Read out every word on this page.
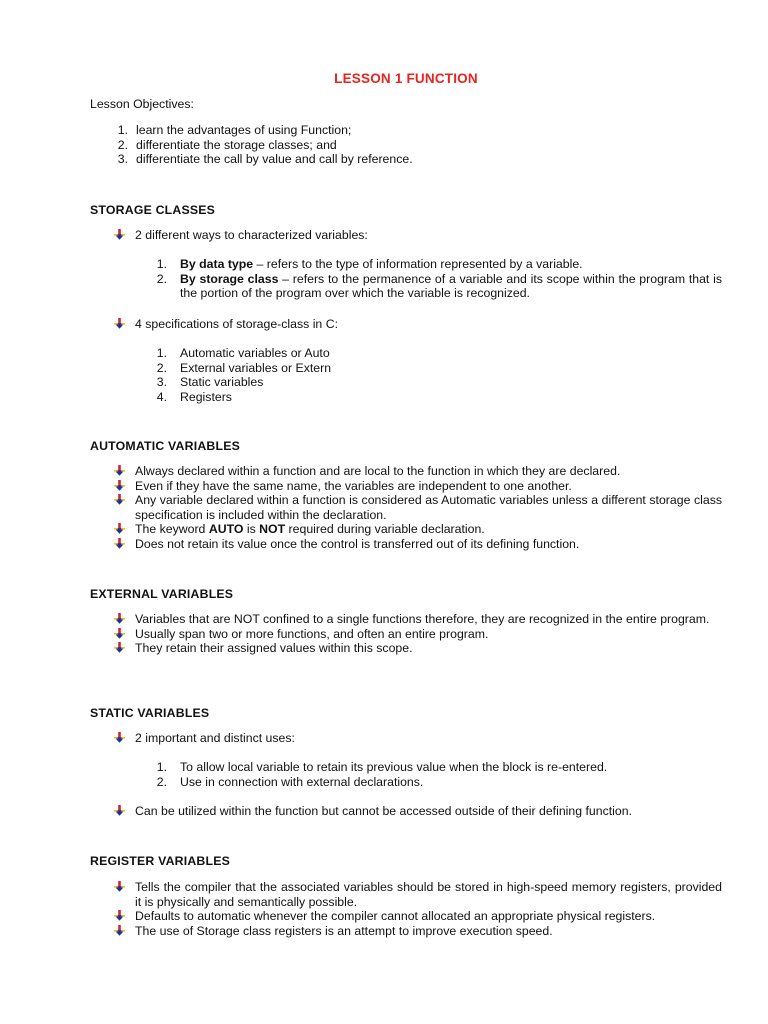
LESSON 1 FUNCTION
Lesson Objectives:
1. learn the advantages of using Function;
2. differentiate the storage classes; and
3. differentiate the call by value and call by reference.
STORAGE CLASSES
2 different ways to characterized variables:
1. By data type – refers to the type of information represented by a variable.
2. By storage class – refers to the permanence of a variable and its scope within the program that is the portion of the program over which the variable is recognized.
4 specifications of storage-class in C:
1. Automatic variables or Auto
2. External variables or Extern
3. Static variables
4. Registers
AUTOMATIC VARIABLES
Always declared within a function and are local to the function in which they are declared.
Even if they have the same name, the variables are independent to one another.
Any variable declared within a function is considered as Automatic variables unless a different storage class specification is included within the declaration.
The keyword AUTO is NOT required during variable declaration.
Does not retain its value once the control is transferred out of its defining function.
EXTERNAL VARIABLES
Variables that are NOT confined to a single functions therefore, they are recognized in the entire program.
Usually span two or more functions, and often an entire program.
They retain their assigned values within this scope.
STATIC VARIABLES
2 important and distinct uses:
1. To allow local variable to retain its previous value when the block is re-entered.
2. Use in connection with external declarations.
Can be utilized within the function but cannot be accessed outside of their defining function.
REGISTER VARIABLES
Tells the compiler that the associated variables should be stored in high-speed memory registers, provided it is physically and semantically possible.
Defaults to automatic whenever the compiler cannot allocated an appropriate physical registers.
The use of Storage class registers is an attempt to improve execution speed.
